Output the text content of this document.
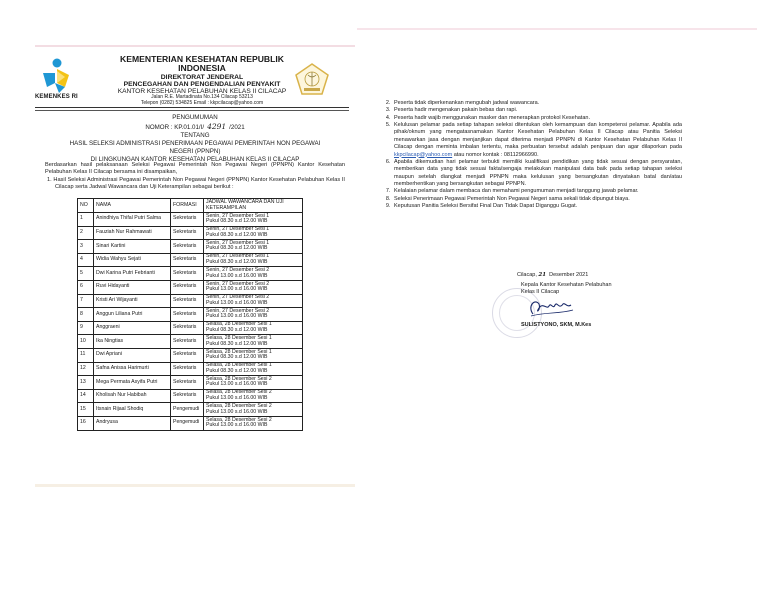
KEMENKES RI
KEMENTERIAN KESEHATAN REPUBLIK INDONESIA
DIREKTORAT JENDERAL
PENCEGAHAN DAN PENGENDALIAN PENYAKIT
KANTOR KESEHATAN PELABUHAN KELAS II CILACAP
Jalan R.E. Martadinata No.134 Cilacap 53213
Telepon (0282) 534825 Email : kkpcilacap@yahoo.com
PENGUMUMAN
NOMOR : KP.01.01/I/ 4291 /2021
TENTANG
HASIL SELEKSI ADMINISTRASI PENERIMAAN PEGAWAI PEMERINTAH NON PEGAWAI
NEGERI (PPNPN)
DI LINGKUNGAN KANTOR KESEHATAN PELABUHAN KELAS II CILACAP
Berdasarkan hasil pelaksanaan Seleksi Pegawai Pemerintah Non Pegawai Negeri (PPNPN) Kantor Kesehatan Pelabuhan Kelas II Cilacap bersama ini disampaikan,
1. Hasil Seleksi Administrasi Pegawai Pemerintah Non Pegawai Negeri (PPNPN) Kantor Kesehatan Pelabuhan Kelas II Cilacap serta Jadwal Wawancara dan Uji Keterampilan sebagai berikut :
NO	NAMA	FORMASI	JADWAL WAWANCARA DAN UJI KETERAMPILAN
1	Anindhiya Thifal Putri Salma	Sekretaris	Senin, 27 Desember Sesi 1
Pukul 08.30 s.d 12.00 WIB

2	Fauziah Nur Rahmawati	Sekretaris	Senin, 27 Desember Sesi 1
Pukul 08.30 s.d 12.00 WIB

3	Sinari Kartini	Sekretaris	Senin, 27 Desember Sesi 1
Pukul 08.30 s.d 12.00 WIB

4	Widia Wahyu Sejati	Sekretaris	Senin, 27 Desember Sesi 1
Pukul 08.30 s.d 12.00 WIB

5	Dwi Karina Putri Febrianti	Sekretaris	Senin, 27 Desember Sesi 2
Pukul 13.00 s.d 16.00 WIB

6	Ruvi Hidayanti	Sekretaris	Senin, 27 Desember Sesi 2
Pukul 13.00 s.d 16.00 WIB

7	Kristi Ari Wijayanti	Sekretaris	Senin, 27 Desember Sesi 2
Pukul 13.00 s.d 16.00 WIB

8	Anggun Liliana Putri	Sekretaris	Senin, 27 Desember Sesi 2
Pukul 13.00 s.d 16.00 WIB

9	Anggraeni	Sekretaris	Selasa, 28 Desember Sesi 1
Pukul 08.30 s.d 12.00 WIB

10	Ika Ningtias	Sekretaris	Selasa, 28 Desember Sesi 1
Pukul 08.30 s.d 12.00 WIB

11	Dwi Apriani	Sekretaris	Selasa, 28 Desember Sesi 1
Pukul 08.30 s.d 12.00 WIB

12	Safna Anissa Harimurti	Sekretaris	Selasa, 28 Desember Sesi 1
Pukul 08.30 s.d 12.00 WIB

13	Mega Permata Asyifa Putri	Sekretaris	Selasa, 28 Desember Sesi 2
Pukul 13.00 s.d 16.00 WIB

14	Kholisah Nur Habibah	Sekretaris	Selasa, 28 Desember Sesi 2
Pukul 13.00 s.d 16.00 WIB

15	Itsnain Rijaal Shodiq	Pengemudi	Selasa, 28 Desember Sesi 2
Pukul 13.00 s.d 16.00 WIB

16	Andryusa	Pengemudi	Selasa, 28 Desember Sesi 2
Pukul 13.00 s.d 16.00 WIB
2. Peserta tidak diperkenankan mengubah jadwal wawancara.
3. Peserta hadir mengenakan pakain bebas dan rapi.
4. Peserta hadir wajib menggunakan masker dan menerapkan protokol Kesehatan.
5. Kelulusan pelamar pada setiap tahapan seleksi ditentukan oleh kemampuan dan kompetensi pelamar. Apabila ada pihak/oknum yang mengatasnamakan Kantor Kesehatan Pelabuhan Kelas II Cilacap atau Panitia Seleksi menawarkan jasa dengan menjanjikan dapat diterima menjadi PPNPN di Kantor Kesehatan Pelabuhan Kelas II Cilacap dengan meminta imbalan tertentu, maka perbuatan tersebut adalah penipuan dan agar dilaporkan pada kkpcilacap@yahoo.com atau nomor kontak : 08112966990.
6. Apabila dikemudian hari pelamar terbukti memiliki kualifikasi pendidikan yang tidak sesuai dengan persyaratan, memberikan data yang tidak sesuai fakta/sengaja melakukan manipulasi data baik pada setiap tahapan seleksi maupun setelah diangkat menjadi PPNPN maka kelulusan yang bersangkutan dinyatakan batal dan/atau memberhentikan yang bersangkutan sebagai PPNPN.
7. Kelalaian pelamar dalam membaca dan memahami pengumuman menjadi tanggung jawab pelamar.
8. Seleksi Penerimaan Pegawai Pemerintah Non Pegawai Negeri sama sekali tidak dipungut biaya.
9. Keputusan Panitia Seleksi Bersifat Final Dan Tidak Dapat Diganggu Gugat.
Cilacap, 21 Desember 2021
Kepala Kantor Kesehatan Pelabuhan
Kelas II Cilacap
SULISTYONO, SKM, M.Kes
